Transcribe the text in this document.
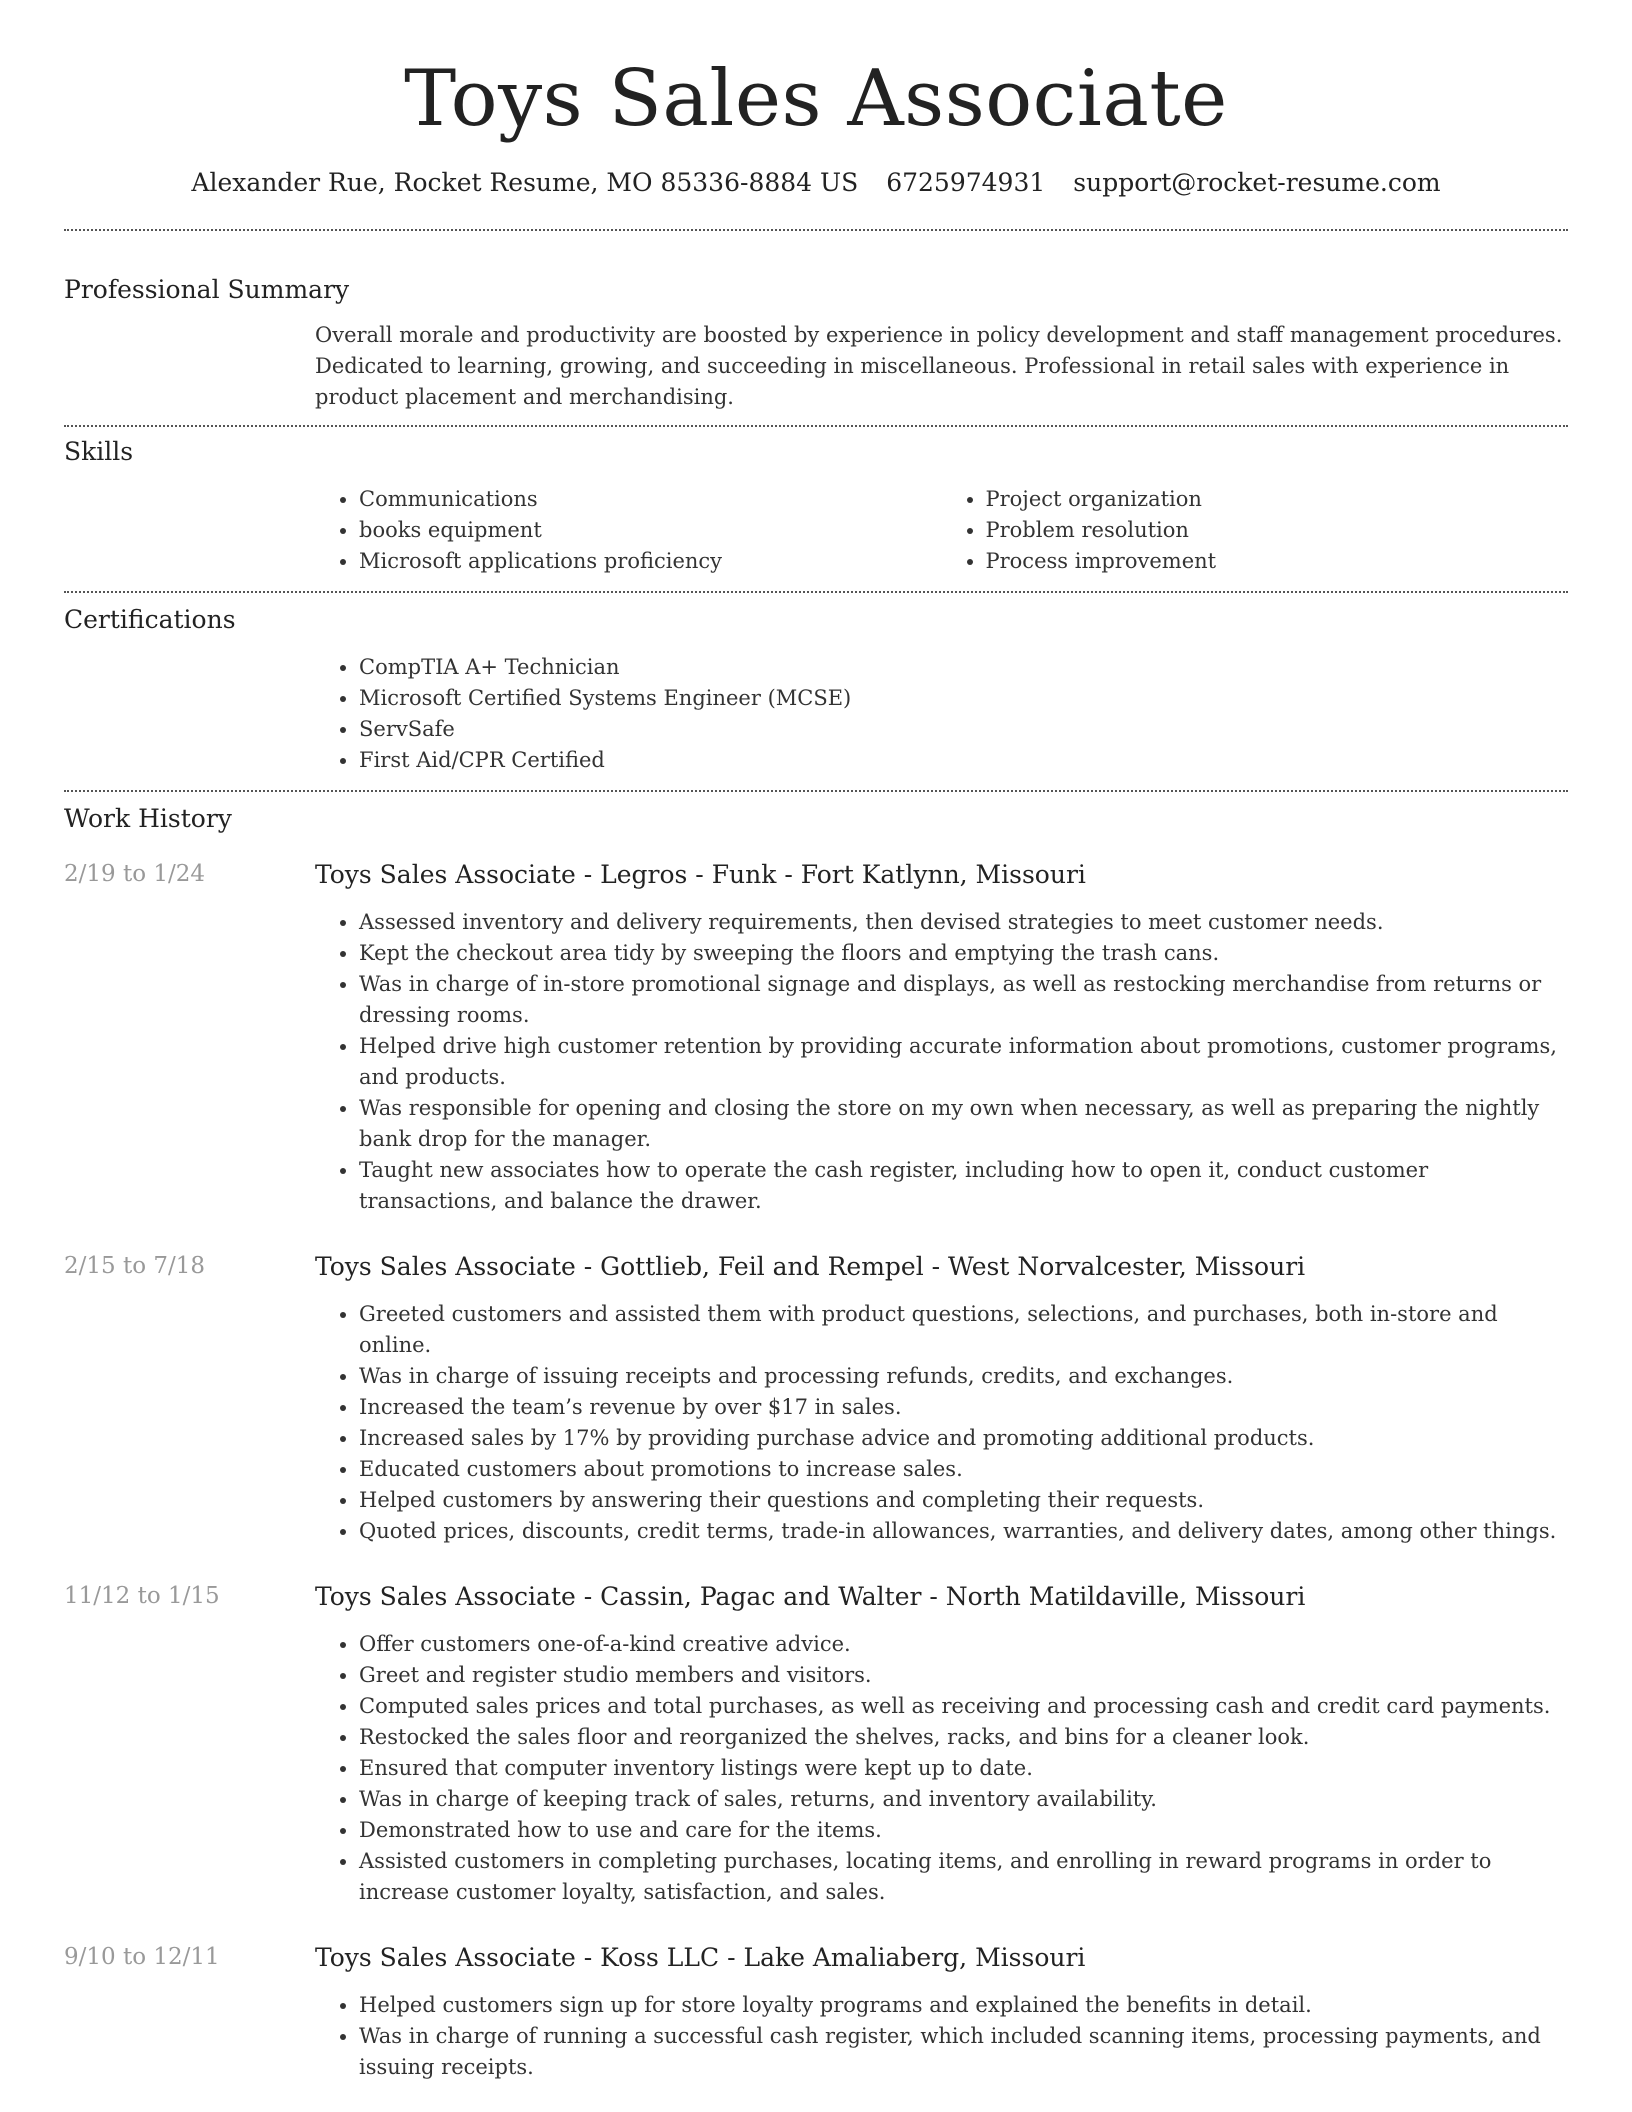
Toys Sales Associate
Alexander Rue, Rocket Resume, MO 85336-8884 US 6725974931 support@rocket-resume.com
Professional Summary
Overall morale and productivity are boosted by experience in policy development and staff management procedures. Dedicated to learning, growing, and succeeding in miscellaneous. Professional in retail sales with experience in product placement and merchandising.
Skills
• Communications
• books equipment
• Microsoft applications proficiency
• Project organization
• Problem resolution
• Process improvement
Certifications
• CompTIA A+ Technician
• Microsoft Certified Systems Engineer (MCSE)
• ServSafe
• First Aid/CPR Certified
Work History
2/19 to 1/24	Toys Sales Associate - Legros - Funk - Fort Katlynn, Missouri
• Assessed inventory and delivery requirements, then devised strategies to meet customer needs.
• Kept the checkout area tidy by sweeping the floors and emptying the trash cans.
• Was in charge of in-store promotional signage and displays, as well as restocking merchandise from returns or dressing rooms.
• Helped drive high customer retention by providing accurate information about promotions, customer programs, and products.
• Was responsible for opening and closing the store on my own when necessary, as well as preparing the nightly bank drop for the manager.
• Taught new associates how to operate the cash register, including how to open it, conduct customer transactions, and balance the drawer.
2/15 to 7/18	Toys Sales Associate - Gottlieb, Feil and Rempel - West Norvalcester, Missouri
• Greeted customers and assisted them with product questions, selections, and purchases, both in-store and online.
• Was in charge of issuing receipts and processing refunds, credits, and exchanges.
• Increased the team’s revenue by over $17 in sales.
• Increased sales by 17% by providing purchase advice and promoting additional products.
• Educated customers about promotions to increase sales.
• Helped customers by answering their questions and completing their requests.
• Quoted prices, discounts, credit terms, trade-in allowances, warranties, and delivery dates, among other things.
11/12 to 1/15	Toys Sales Associate - Cassin, Pagac and Walter - North Matildaville, Missouri
• Offer customers one-of-a-kind creative advice.
• Greet and register studio members and visitors.
• Computed sales prices and total purchases, as well as receiving and processing cash and credit card payments.
• Restocked the sales floor and reorganized the shelves, racks, and bins for a cleaner look.
• Ensured that computer inventory listings were kept up to date.
• Was in charge of keeping track of sales, returns, and inventory availability.
• Demonstrated how to use and care for the items.
• Assisted customers in completing purchases, locating items, and enrolling in reward programs in order to increase customer loyalty, satisfaction, and sales.
9/10 to 12/11	Toys Sales Associate - Koss LLC - Lake Amaliaberg, Missouri
• Helped customers sign up for store loyalty programs and explained the benefits in detail.
• Was in charge of running a successful cash register, which included scanning items, processing payments, and issuing receipts.
